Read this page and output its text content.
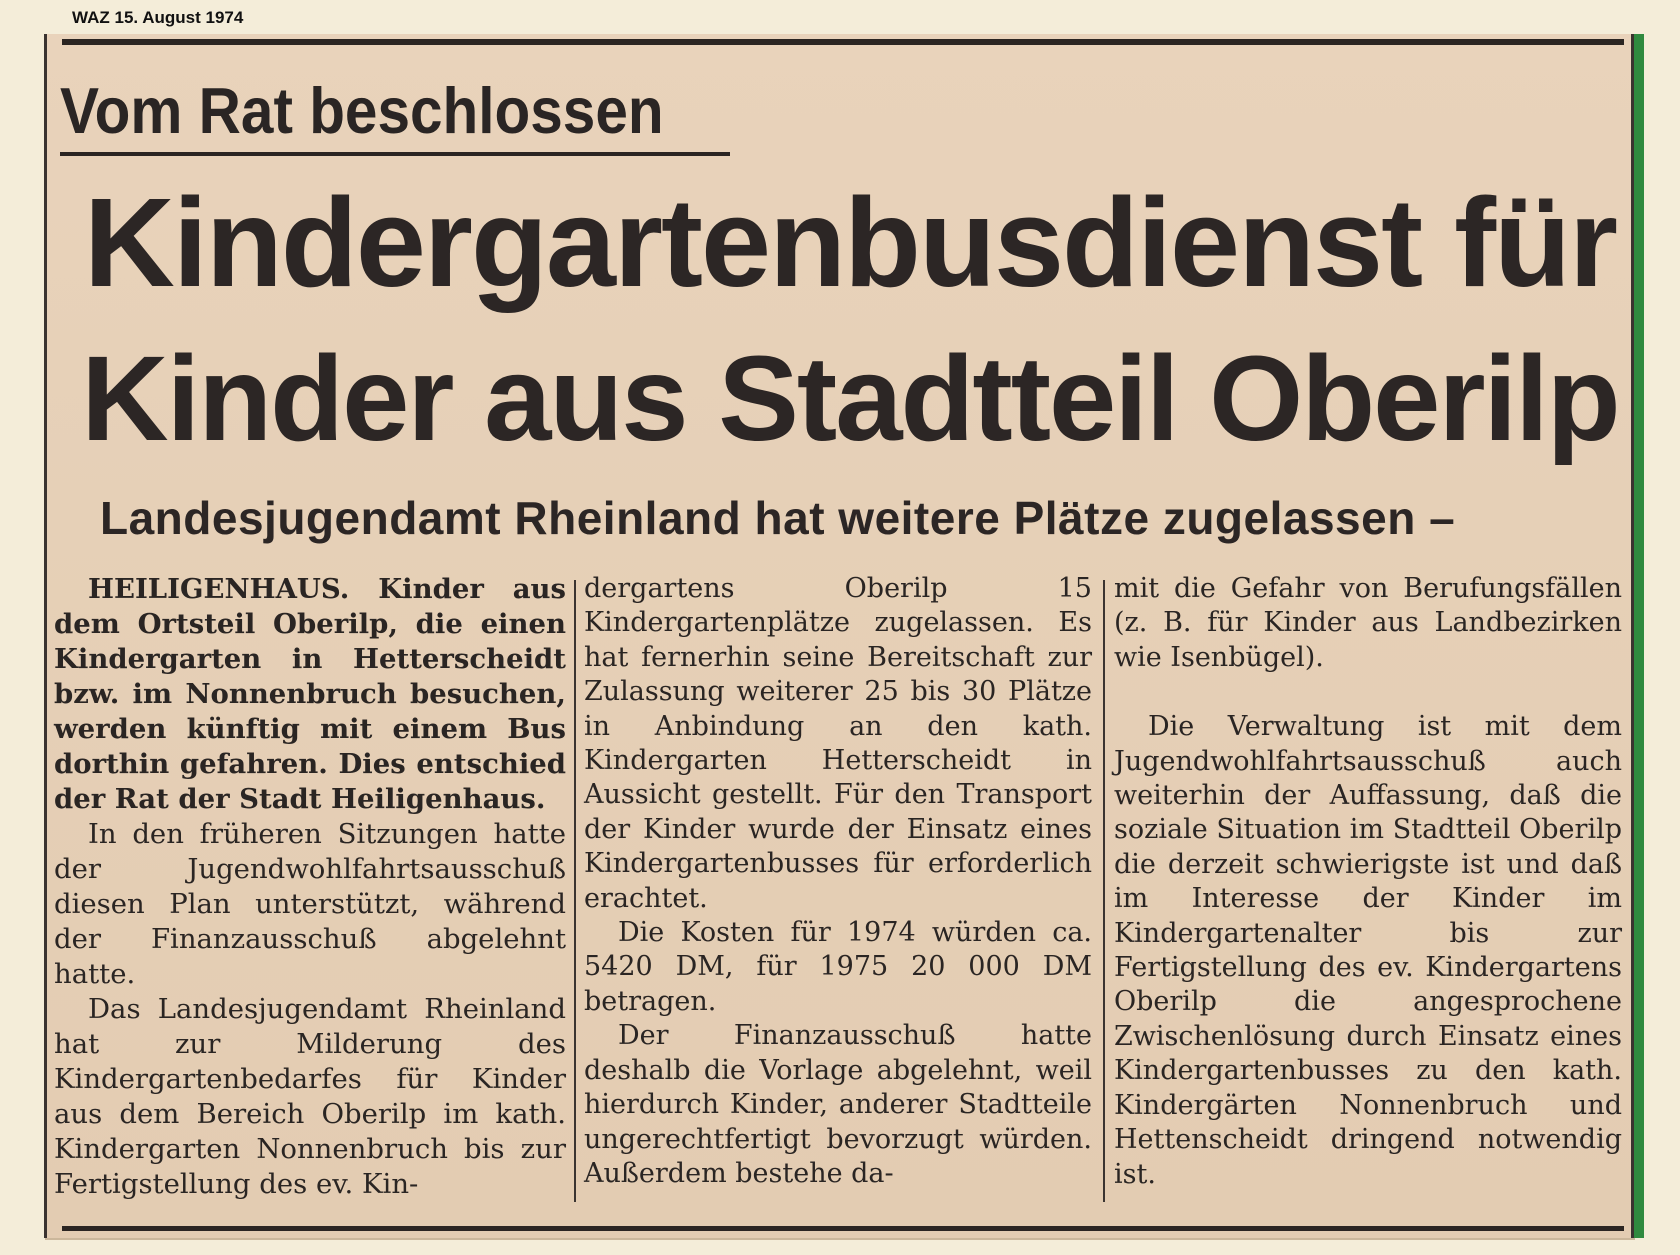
WAZ 15. August 1974
Vom Rat beschlossen
Kindergartenbusdienst für
Kinder aus Stadtteil Oberilp
Landesjugendamt Rheinland hat weitere Plätze zugelassen –

HEILIGENHAUS. Kinder aus dem Ortsteil Oberilp, die einen Kindergarten in Hetterscheidt bzw. im Nonnenbruch besuchen, werden künftig mit einem Bus dorthin gefahren. Dies entschied der Rat der Stadt Heiligenhaus.

In den früheren Sitzungen hatte der Jugendwohlfahrtsausschuß diesen Plan unterstützt, während der Finanzausschuß abgelehnt hatte.

Das Landesjugendamt Rheinland hat zur Milderung des Kindergartenbedarfes für Kinder aus dem Bereich Oberilp im kath. Kindergarten Nonnenbruch bis zur Fertigstellung des ev. Kin-

dergartens Oberilp 15 Kindergartenplätze zugelassen. Es hat fernerhin seine Bereitschaft zur Zulassung weiterer 25 bis 30 Plätze in Anbindung an den kath. Kindergarten Hetterscheidt in Aussicht gestellt. Für den Transport der Kinder wurde der Einsatz eines Kindergartenbusses für erforderlich erachtet.

Die Kosten für 1974 würden ca. 5420 DM, für 1975 20 000 DM betragen.

Der Finanzausschuß hatte deshalb die Vorlage abgelehnt, weil hierdurch Kinder, anderer Stadtteile ungerechtfertigt bevorzugt würden. Außerdem bestehe da-

mit die Gefahr von Berufungsfällen (z. B. für Kinder aus Landbezirken wie Isenbügel).

Die Verwaltung ist mit dem Jugendwohlfahrtsausschuß auch weiterhin der Auffassung, daß die soziale Situation im Stadtteil Oberilp die derzeit schwierigste ist und daß im Interesse der Kinder im Kindergartenalter bis zur Fertigstellung des ev. Kindergartens Oberilp die angesprochene Zwischenlösung durch Einsatz eines Kindergartenbusses zu den kath. Kindergärten Nonnenbruch und Hettenscheidt dringend notwendig ist.
